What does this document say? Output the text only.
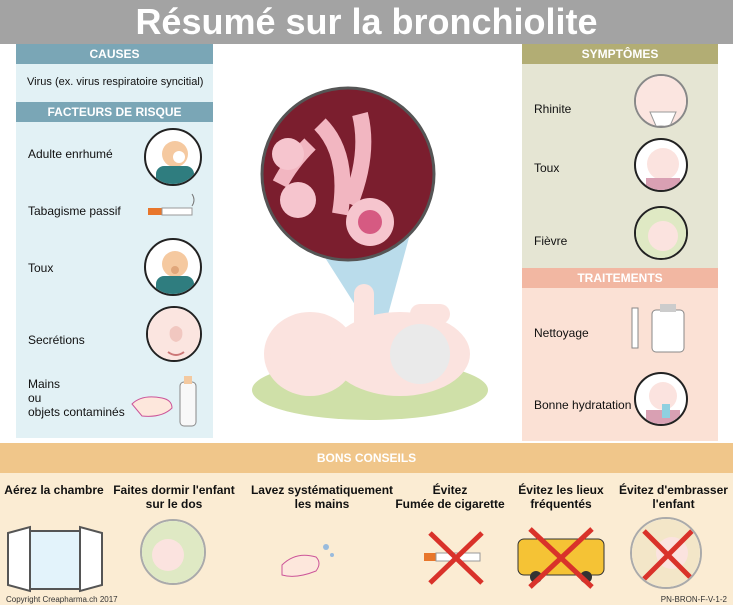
Résumé sur la bronchiolite
CAUSES
Virus (ex. virus respiratoire syncitial)
FACTEURS DE RISQUE
Adulte enrhumé
Tabagisme passif
Toux
Secrétions
Mains
ou
objets contaminés
SYMPTÔMES
Rhinite
Toux
Fièvre
TRAITEMENTS
Nettoyage
Bonne hydratation
BONS CONSEILS
Aérez la chambre Faites dormir l'enfant
sur le dos
Lavez systématiquement
les mains
Évitez
Fumée de cigarette
Évitez les lieux
fréquentés
Évitez d'embrasser
l'enfant
Copyright Creapharma.ch 2017	PN-BRON-F-V-1-2
